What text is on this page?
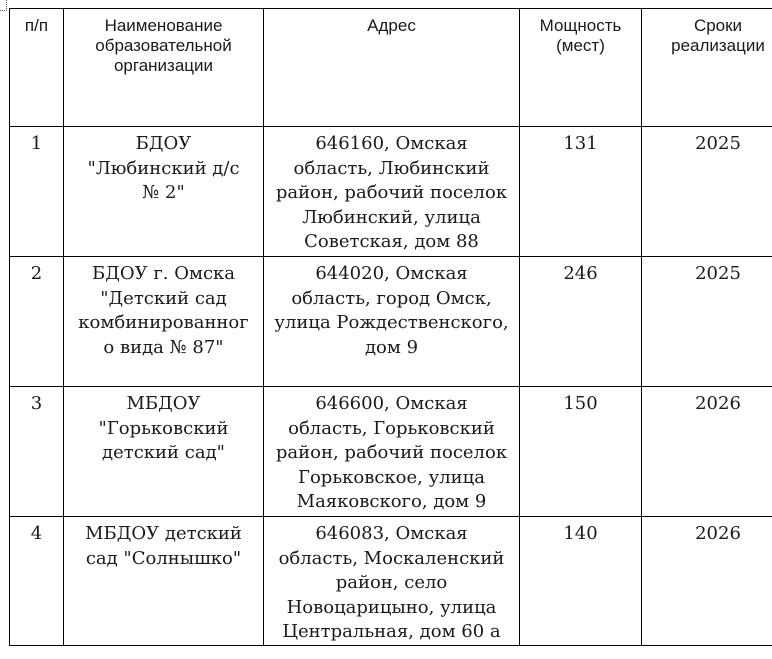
п/п	Наименование образовательной организации	Адрес	Мощность (мест)	Сроки реализации
1	БДОУ
"Любинский д/с
№ 2"	646160, Омская
область, Любинский
район, рабочий поселок
Любинский, улица
Советская, дом 88	131	2025
2	БДОУ г. Омска
"Детский сад
комбинированног
о вида № 87"	644020, Омская
область, город Омск,
улица Рождественского,
дом 9	246	2025
3	МБДОУ
"Горьковский
детский сад"	646600, Омская
область, Горьковский
район, рабочий поселок
Горьковское, улица
Маяковского, дом 9	150	2026
4	МБДОУ детский
сад "Солнышко"	646083, Омская
область, Москаленский
район, село
Новоцарицыно, улица
Центральная, дом 60 а	140	2026
